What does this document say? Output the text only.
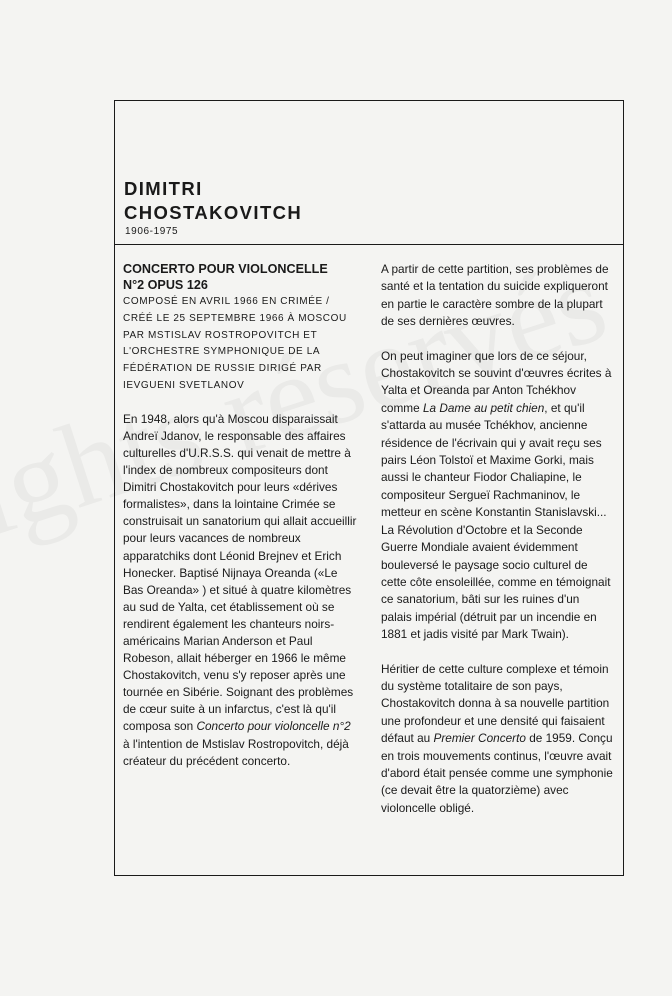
DIMITRI
CHOSTAKOVITCH
1906-1975
CONCERTO POUR VIOLONCELLE
N°2 OPUS 126

COMPOSÉ EN AVRIL 1966 EN CRIMÉE / CRÉÉ LE 25 SEPTEMBRE 1966 À MOSCOU PAR MSTISLAV ROSTROPOVITCH ET L'ORCHESTRE SYMPHONIQUE DE LA FÉDÉRATION DE RUSSIE DIRIGÉ PAR IEVGUENI SVETLANOV

En 1948, alors qu'à Moscou disparaissait Andreï Jdanov, le responsable des affaires culturelles d'U.R.S.S. qui venait de mettre à l'index de nombreux compositeurs dont Dimitri Chostakovitch pour leurs «dérives formalistes», dans la lointaine Crimée se construisait un sanatorium qui allait accueillir pour leurs vacances de nombreux apparatchiks dont Léonid Brejnev et Erich Honecker. Baptisé Nijnaya Oreanda («Le Bas Oreanda» ) et situé à quatre kilomètres au sud de Yalta, cet établissement où se rendirent également les chanteurs noirs-américains Marian Anderson et Paul Robeson, allait héberger en 1966 le même Chostakovitch, venu s'y reposer après une tournée en Sibérie. Soignant des problèmes de cœur suite à un infarctus, c'est là qu'il composa son Concerto pour violoncelle n°2 à l'intention de Mstislav Rostropovitch, déjà créateur du précédent concerto.

A partir de cette partition, ses problèmes de santé et la tentation du suicide expliqueront en partie le caractère sombre de la plupart de ses dernières œuvres.

On peut imaginer que lors de ce séjour, Chostakovitch se souvint d'œuvres écrites à Yalta et Oreanda par Anton Tchékhov comme La Dame au petit chien, et qu'il s'attarda au musée Tchékhov, ancienne résidence de l'écrivain qui y avait reçu ses pairs Léon Tolstoï et Maxime Gorki, mais aussi le chanteur Fiodor Chaliapine, le compositeur Sergueï Rachmaninov, le metteur en scène Konstantin Stanislavski... La Révolution d'Octobre et la Seconde Guerre Mondiale avaient évidemment bouleversé le paysage socio culturel de cette côte ensoleillée, comme en témoignait ce sanatorium, bâti sur les ruines d'un palais impérial (détruit par un incendie en 1881 et jadis visité par Mark Twain).

Héritier de cette culture complexe et témoin du système totalitaire de son pays, Chostakovitch donna à sa nouvelle partition une profondeur et une densité qui faisaient défaut au Premier Concerto de 1959. Conçu en trois mouvements continus, l'œuvre avait d'abord était pensée comme une symphonie (ce devait être la quatorzième) avec violoncelle obligé.
